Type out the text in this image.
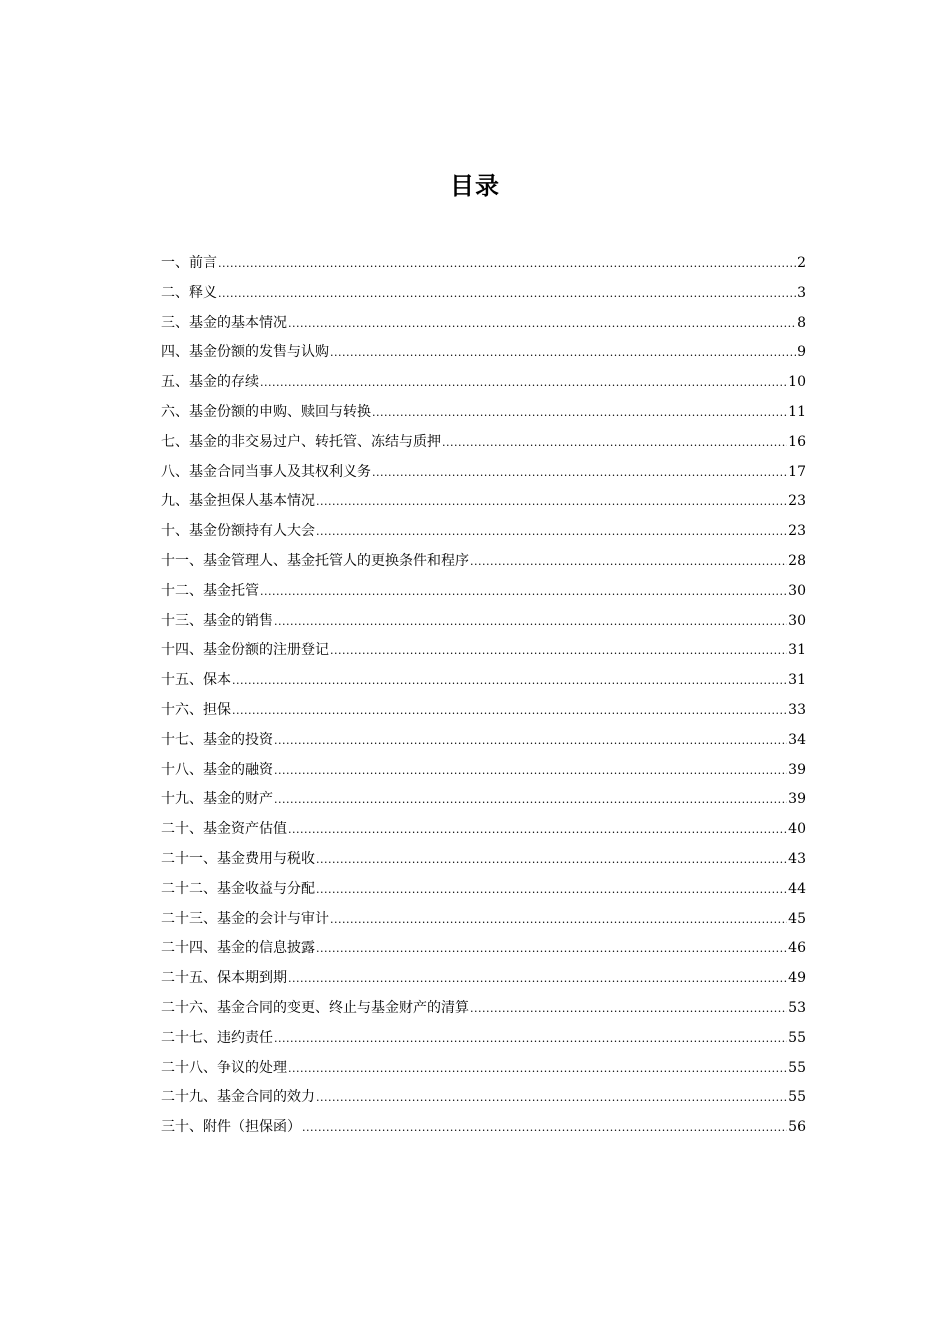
目录
一、前言 .....	2
二、释义 .....	3
三、基金的基本情况 .....	8
四、基金份额的发售与认购 .....	9
五、基金的存续 .....	10
六、基金份额的申购、赎回与转换 .....	11
七、基金的非交易过户、转托管、冻结与质押 .....	16
八、基金合同当事人及其权利义务 .....	17
九、基金担保人基本情况 .....	23
十、基金份额持有人大会 .....	23
十一、基金管理人、基金托管人的更换条件和程序 .....	28
十二、基金托管 .....	30
十三、基金的销售 .....	30
十四、基金份额的注册登记 .....	31
十五、保本 .....	31
十六、担保 .....	33
十七、基金的投资 .....	34
十八、基金的融资 .....	39
十九、基金的财产 .....	39
二十、基金资产估值 .....	40
二十一、基金费用与税收 .....	43
二十二、基金收益与分配 .....	44
二十三、基金的会计与审计 .....	45
二十四、基金的信息披露 .....	46
二十五、保本期到期 .....	49
二十六、基金合同的变更、终止与基金财产的清算 .....	53
二十七、违约责任 .....	55
二十八、争议的处理 .....	55
二十九、基金合同的效力 .....	55
三十、附件（担保函） .....	56
